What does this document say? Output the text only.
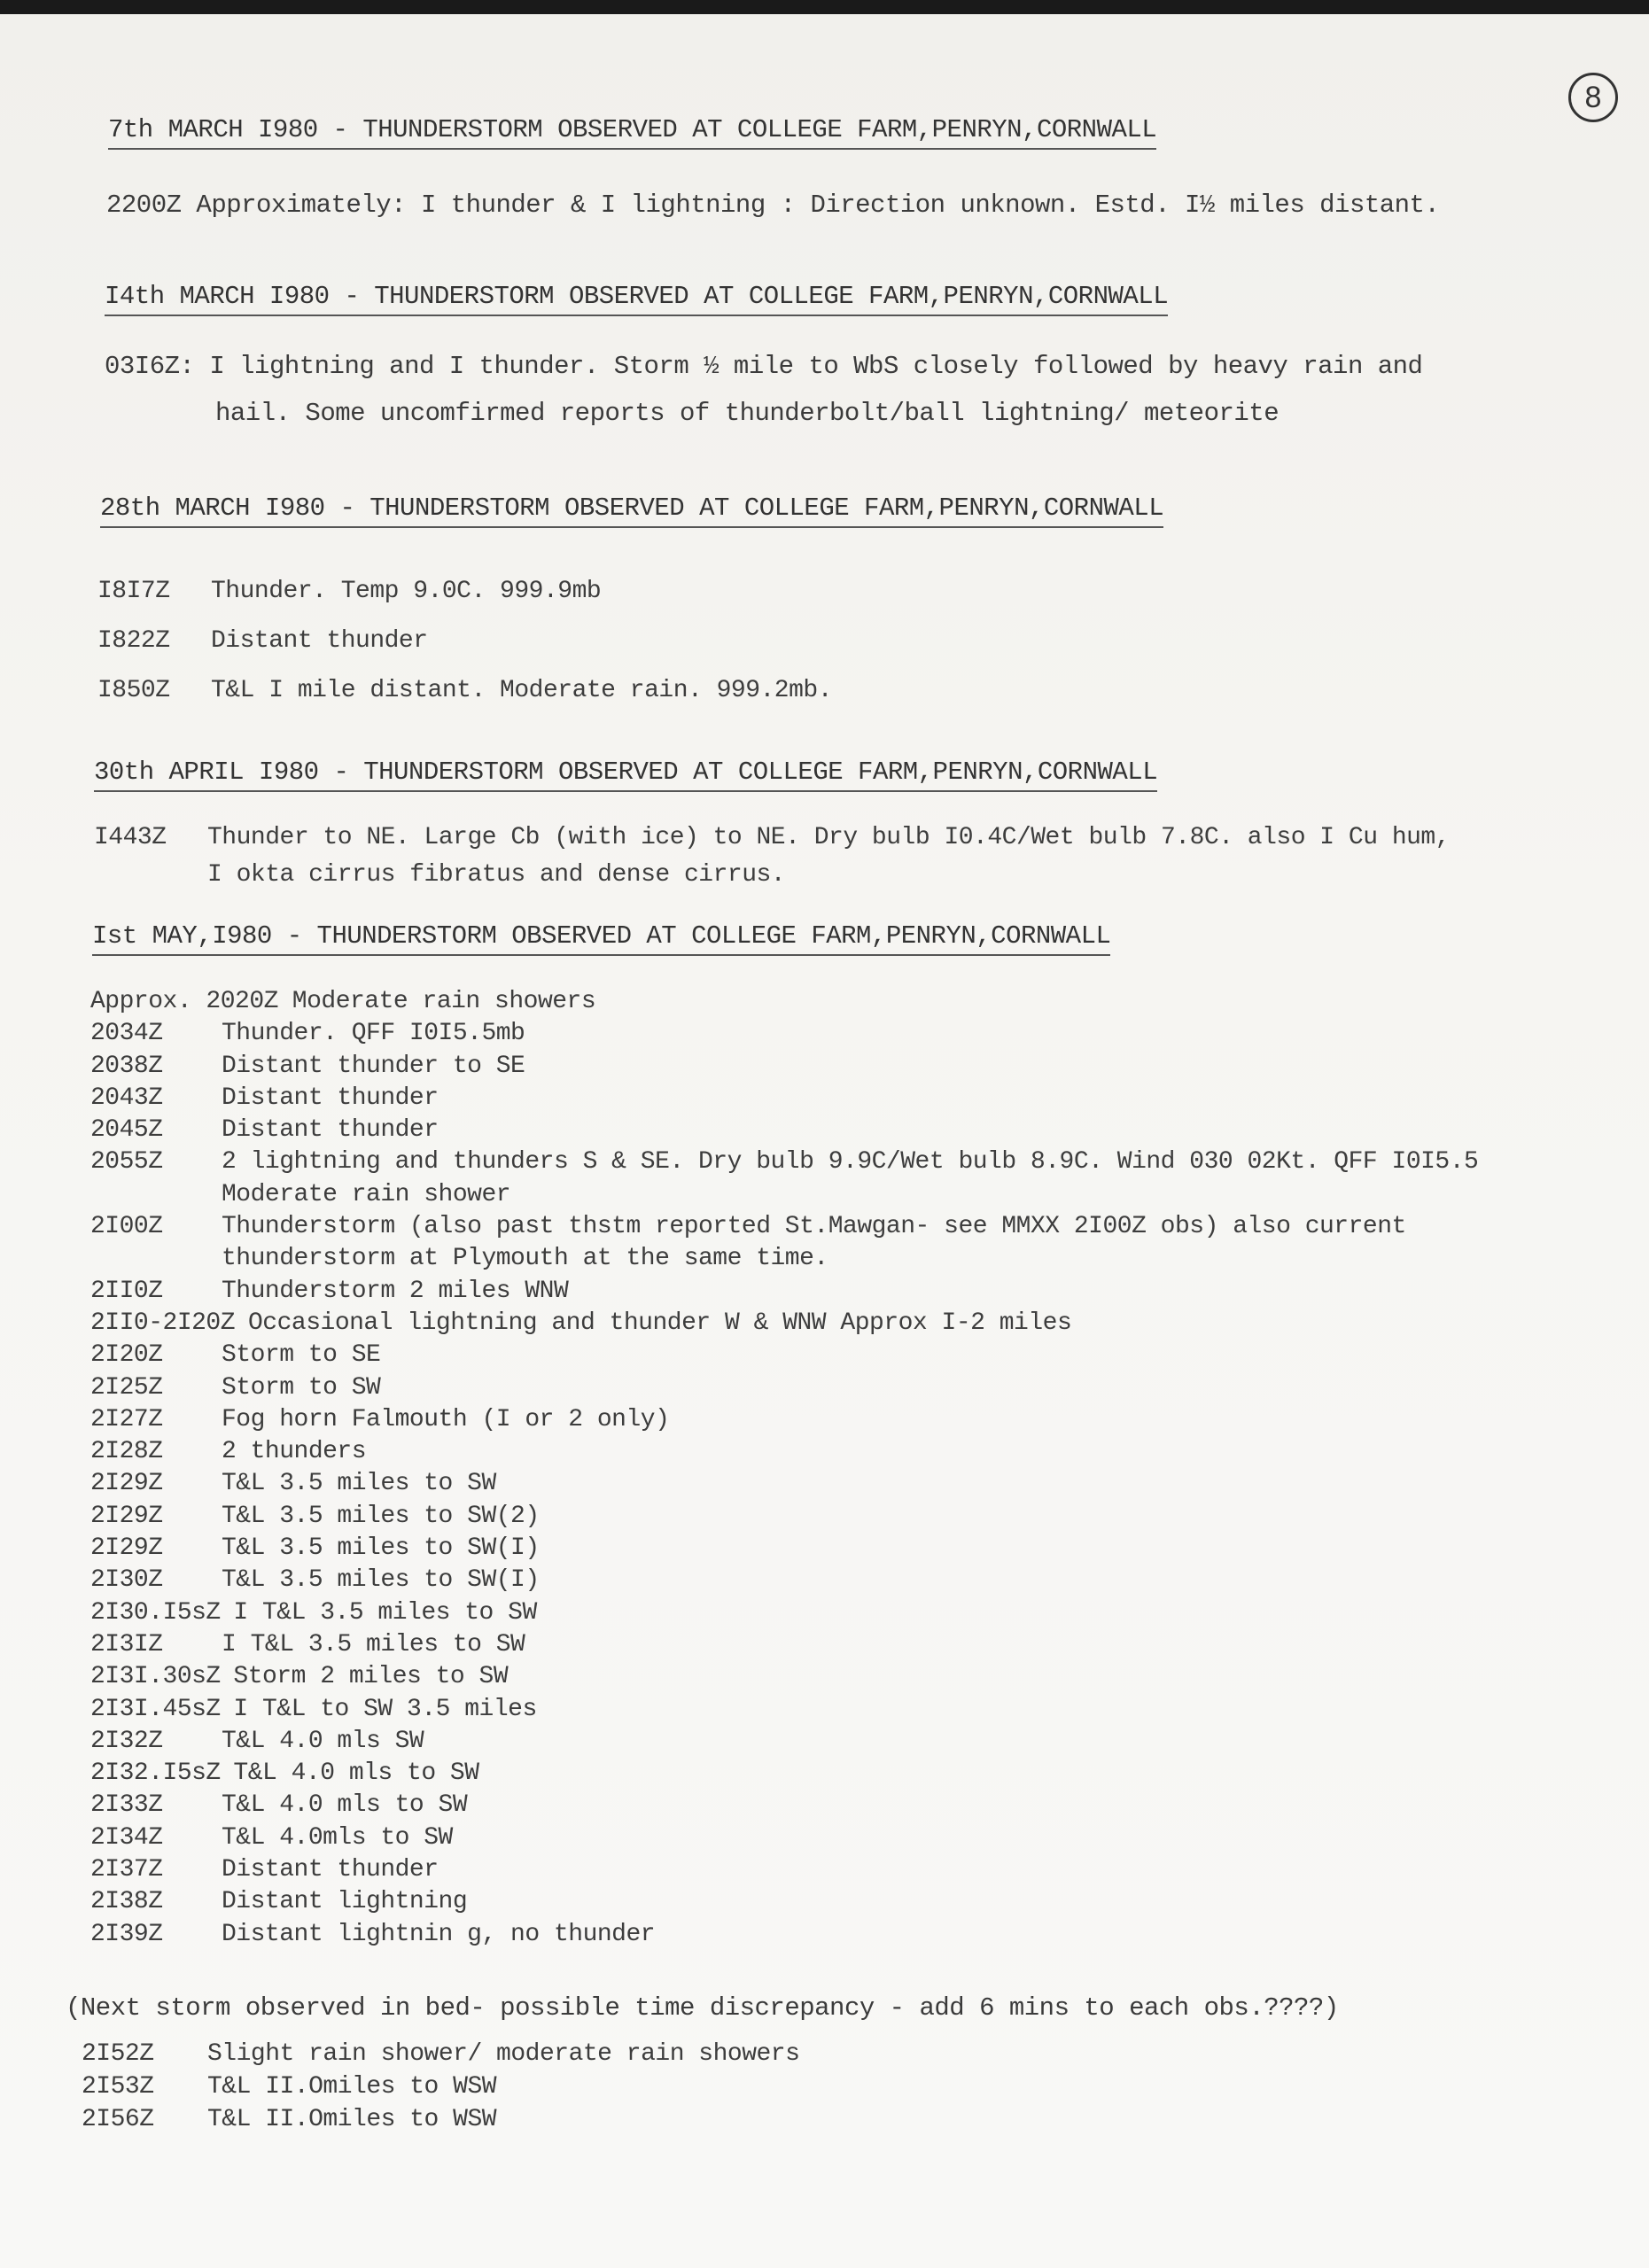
8
7th MARCH I980 - THUNDERSTORM OBSERVED AT COLLEGE FARM,PENRYN,CORNWALL
2200Z Approximately: I thunder & I lightning : Direction unknown. Estd. I½ miles distant.
I4th MARCH I980 - THUNDERSTORM OBSERVED AT COLLEGE FARM,PENRYN,CORNWALL
03I6Z: I lightning and I thunder. Storm ½ mile to WbS closely followed by heavy rain and
hail. Some uncomfirmed reports of thunderbolt/ball lightning/ meteorite
28th MARCH I980 - THUNDERSTORM OBSERVED AT COLLEGE FARM,PENRYN,CORNWALL
I8I7Z Thunder. Temp 9.0C. 999.9mb
I822Z Distant thunder
I850Z T&L I mile distant. Moderate rain. 999.2mb.
30th APRIL I980 - THUNDERSTORM OBSERVED AT COLLEGE FARM,PENRYN,CORNWALL
I443Z Thunder to NE. Large Cb (with ice) to NE. Dry bulb I0.4C/Wet bulb 7.8C. also I Cu hum,
I okta cirrus fibratus and dense cirrus.
Ist MAY,I980 - THUNDERSTORM OBSERVED AT COLLEGE FARM,PENRYN,CORNWALL
Approx. 2020Z Moderate rain showers
2034Z Thunder. QFF I0I5.5mb
2038Z Distant thunder to SE
2043Z Distant thunder
2045Z Distant thunder
2055Z 2 lightning and thunders S & SE. Dry bulb 9.9C/Wet bulb 8.9C. Wind 030 02Kt. QFF I0I5.5
Moderate rain shower
2I00Z Thunderstorm (also past thstm reported St.Mawgan- see MMXX 2I00Z obs) also current
thunderstorm at Plymouth at the same time.
2II0Z Thunderstorm 2 miles WNW
2II0-2I20Z Occasional lightning and thunder W & WNW Approx I-2 miles
2I20Z Storm to SE
2I25Z Storm to SW
2I27Z Fog horn Falmouth (I or 2 only)
2I28Z 2 thunders
2I29Z T&L 3.5 miles to SW
2I29Z T&L 3.5 miles to SW(2)
2I29Z T&L 3.5 miles to SW(I)
2I30Z T&L 3.5 miles to SW(I)
2I30.I5sZ I T&L 3.5 miles to SW
2I3IZ I T&L 3.5 miles to SW
2I3I.30sZ Storm 2 miles to SW
2I3I.45sZ I T&L to SW 3.5 miles
2I32Z T&L 4.0 mls SW
2I32.I5sZ T&L 4.0 mls to SW
2I33Z T&L 4.0 mls to SW
2I34Z T&L 4.0mls to SW
2I37Z Distant thunder
2I38Z Distant lightning
2I39Z Distant lightnin g, no thunder
(Next storm observed in bed- possible time discrepancy - add 6 mins to each obs.????)
2I52Z Slight rain shower/ moderate rain showers
2I53Z T&L II.Omiles to WSW
2I56Z T&L II.Omiles to WSW
